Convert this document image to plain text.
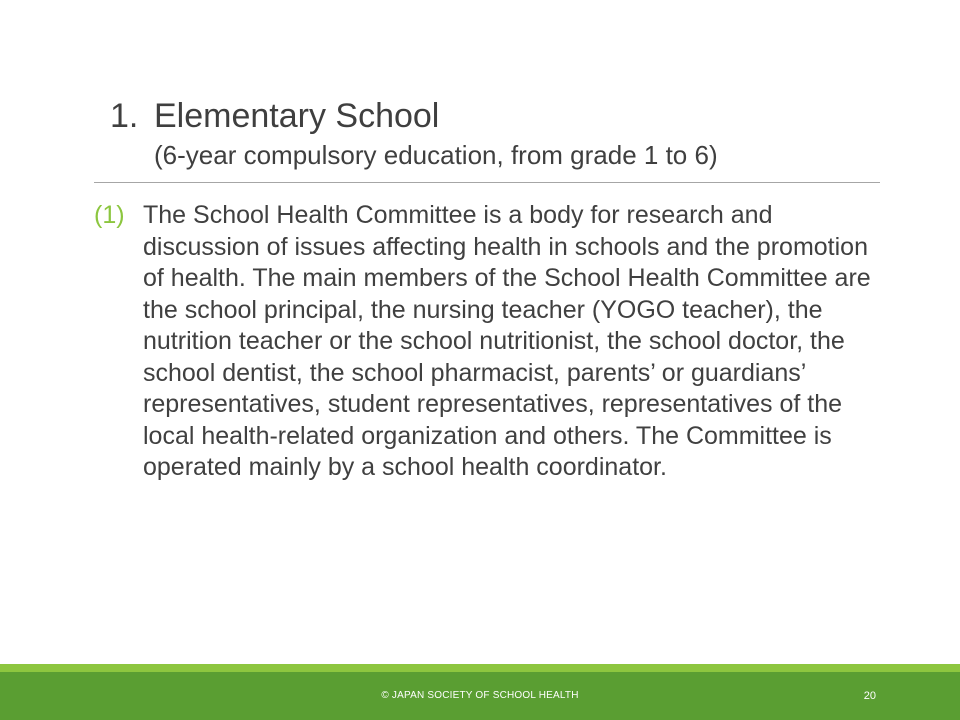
1. Elementary School
(6-year compulsory education, from grade 1 to 6)
(1) The School Health Committee is a body for research and discussion of issues affecting health in schools and the promotion of health. The main members of the School Health Committee are the school principal, the nursing teacher (YOGO teacher), the nutrition teacher or the school nutritionist, the school doctor, the school dentist, the school pharmacist, parents’ or guardians’ representatives, student representatives, representatives of the local health-related organization and others. The Committee is operated mainly by a school health coordinator.
© JAPAN SOCIETY OF SCHOOL HEALTH	20
